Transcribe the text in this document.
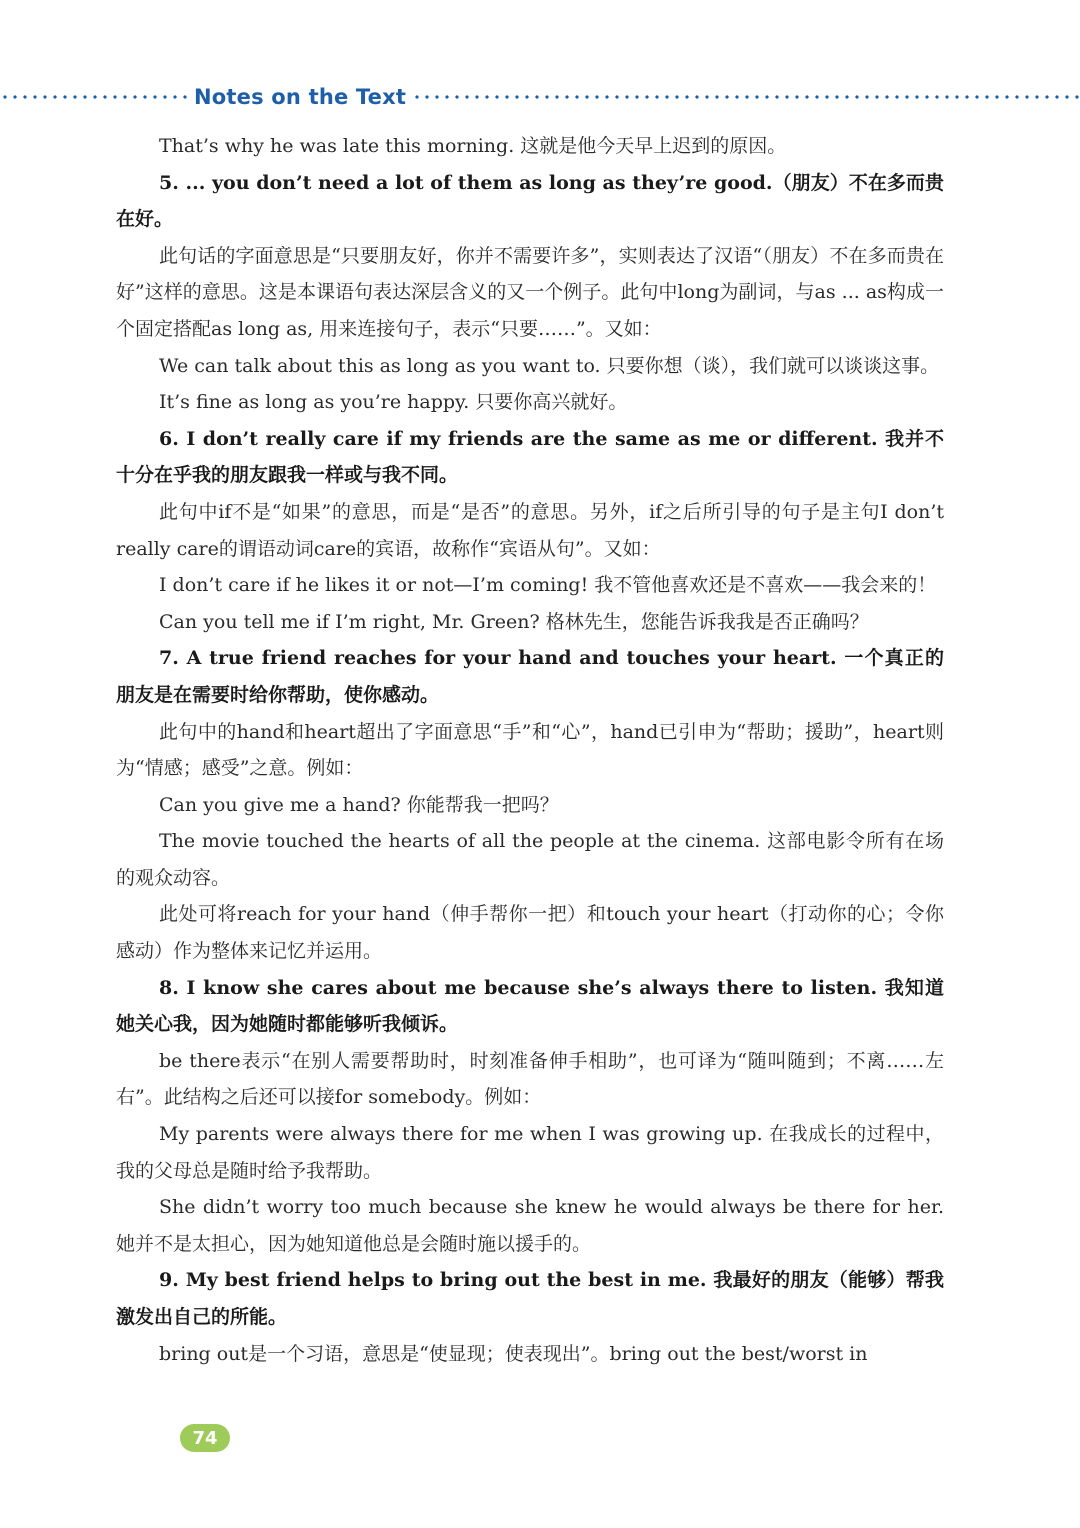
Notes on the Text

That’s why he was late this morning. 这就是他今天早上迟到的原因。

5. ... you don’t need a lot of them as long as they’re good.（朋友）不在多而贵在好。

此句话的字面意思是“只要朋友好，你并不需要许多”，实则表达了汉语“（朋友）不在多而贵在好”这样的意思。这是本课语句表达深层含义的又一个例子。此句中long为副词，与as ... as构成一个固定搭配as long as, 用来连接句子，表示“只要……”。又如：

We can talk about this as long as you want to. 只要你想（谈），我们就可以谈谈这事。

It’s fine as long as you’re happy. 只要你高兴就好。

6. I don’t really care if my friends are the same as me or different. 我并不十分在乎我的朋友跟我一样或与我不同。

此句中if不是“如果”的意思，而是“是否”的意思。另外，if之后所引导的句子是主句I don’t really care的谓语动词care的宾语，故称作“宾语从句”。又如：

I don’t care if he likes it or not—I’m coming! 我不管他喜欢还是不喜欢——我会来的！

Can you tell me if I’m right, Mr. Green? 格林先生，您能告诉我我是否正确吗？

7. A true friend reaches for your hand and touches your heart. 一个真正的朋友是在需要时给你帮助，使你感动。

此句中的hand和heart超出了字面意思“手”和“心”，hand已引申为“帮助；援助”，heart则为“情感；感受”之意。例如：

Can you give me a hand? 你能帮我一把吗？

The movie touched the hearts of all the people at the cinema. 这部电影令所有在场的观众动容。

此处可将reach for your hand（伸手帮你一把）和touch your heart（打动你的心；令你感动）作为整体来记忆并运用。

8. I know she cares about me because she’s always there to listen. 我知道她关心我，因为她随时都能够听我倾诉。

be there表示“在别人需要帮助时，时刻准备伸手相助”，也可译为“随叫随到；不离……左右”。此结构之后还可以接for somebody。例如：

My parents were always there for me when I was growing up. 在我成长的过程中，我的父母总是随时给予我帮助。

She didn’t worry too much because she knew he would always be there for her. 她并不是太担心，因为她知道他总是会随时施以援手的。

9. My best friend helps to bring out the best in me. 我最好的朋友（能够）帮我激发出自己的所能。

bring out是一个习语，意思是“使显现；使表现出”。bring out the best/worst in

74
